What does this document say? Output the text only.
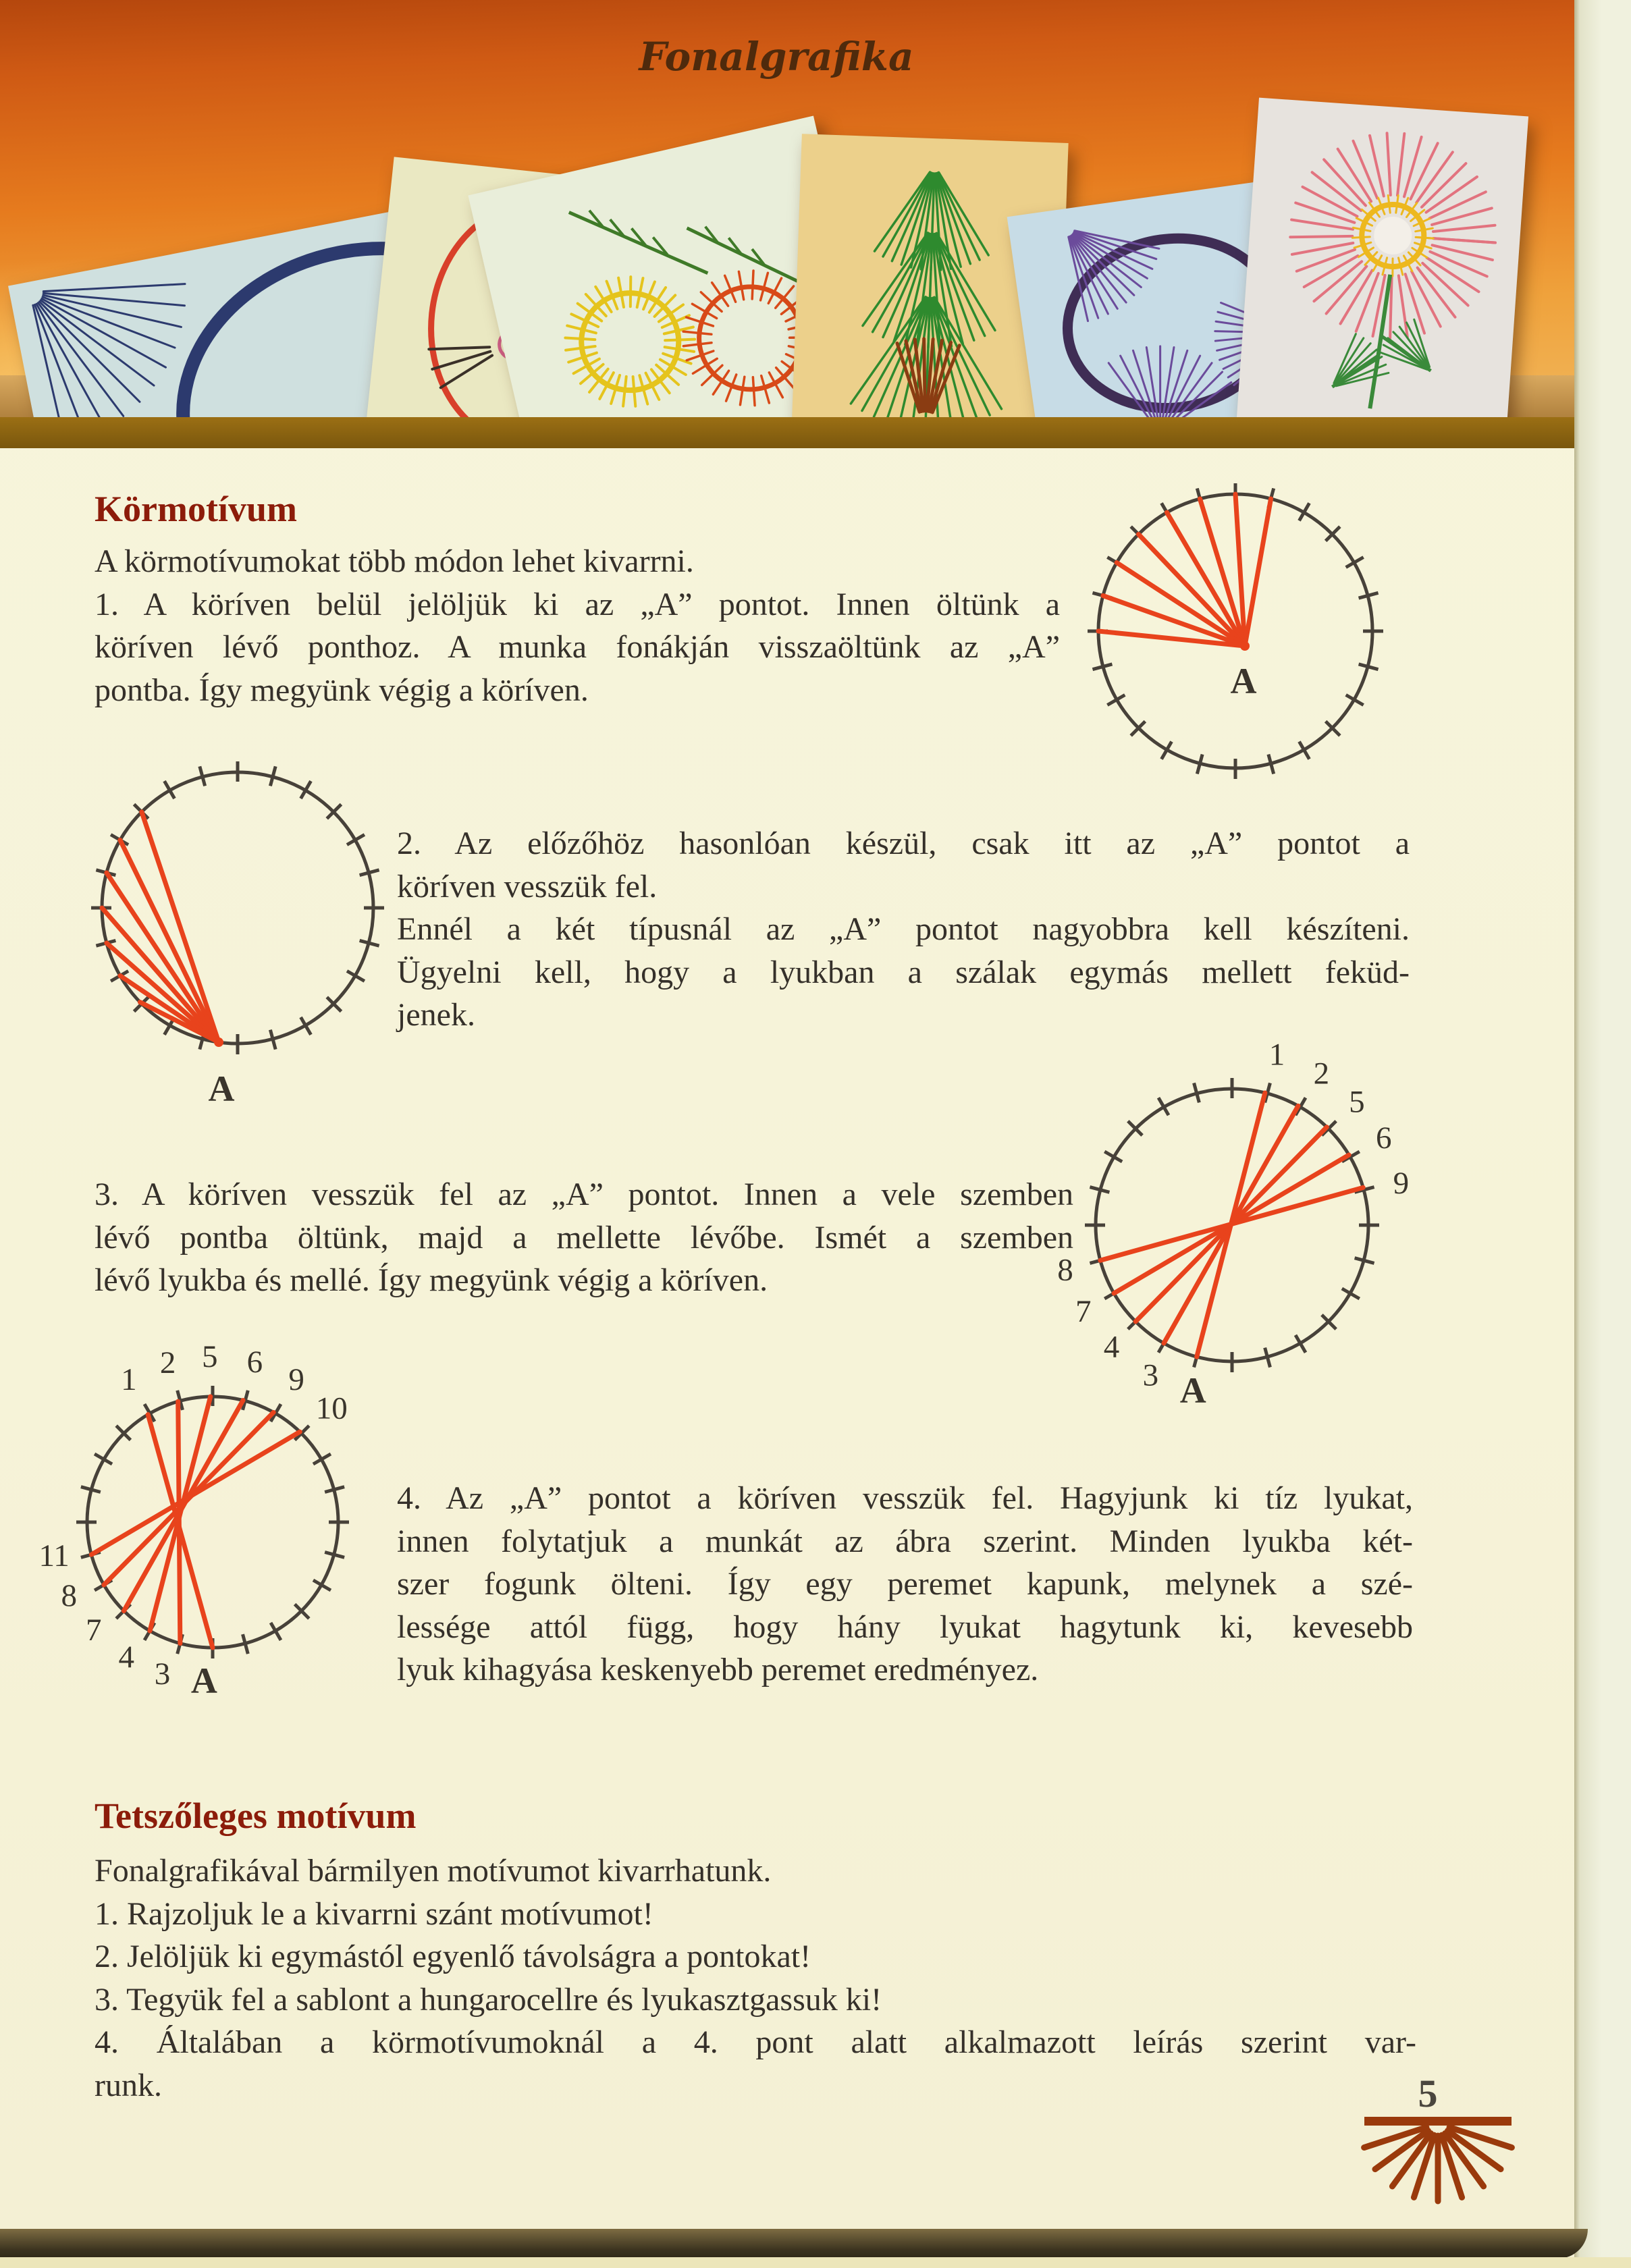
Fonalgrafika
Körmotívum
A körmotívumokat több módon lehet kivarrni.
1. A köríven belül jelöljük ki az „A” pontot. Innen öltünk a
köríven lévő ponthoz. A munka fonákján visszaöltünk az „A”
pontba. Így megyünk végig a köríven.
2. Az előzőhöz hasonlóan készül, csak itt az „A” pontot a
köríven vesszük fel.
Ennél a két típusnál az „A” pontot nagyobbra kell készíteni.
Ügyelni kell, hogy a lyukban a szálak egymás mellett feküd-
jenek.
3. A köríven vesszük fel az „A” pontot. Innen a vele szemben
lévő pontba öltünk, majd a mellette lévőbe. Ismét a szemben
lévő lyukba és mellé. Így megyünk végig a köríven.
4. Az „A” pontot a köríven vesszük fel. Hagyjunk ki tíz lyukat,
innen folytatjuk a munkát az ábra szerint. Minden lyukba két-
szer fogunk ölteni. Így egy peremet kapunk, melynek a szé-
lessége attól függ, hogy hány lyukat hagytunk ki, kevesebb
lyuk kihagyása keskenyebb peremet eredményez.
Tetszőleges motívum
Fonalgrafikával bármilyen motívumot kivarrhatunk.
1. Rajzoljuk le a kivarrni szánt motívumot!
2. Jelöljük ki egymástól egyenlő távolságra a pontokat!
3. Tegyük fel a sablont a hungarocellre és lyukasztgassuk ki!
4. Általában a körmotívumoknál a 4. pont alatt alkalmazott leírás szerint var-
runk.
A
A
1
2
5
6
9
8
7
4
3 A
1 2 5 6
9
10
11
8
7
4 3 A
5
